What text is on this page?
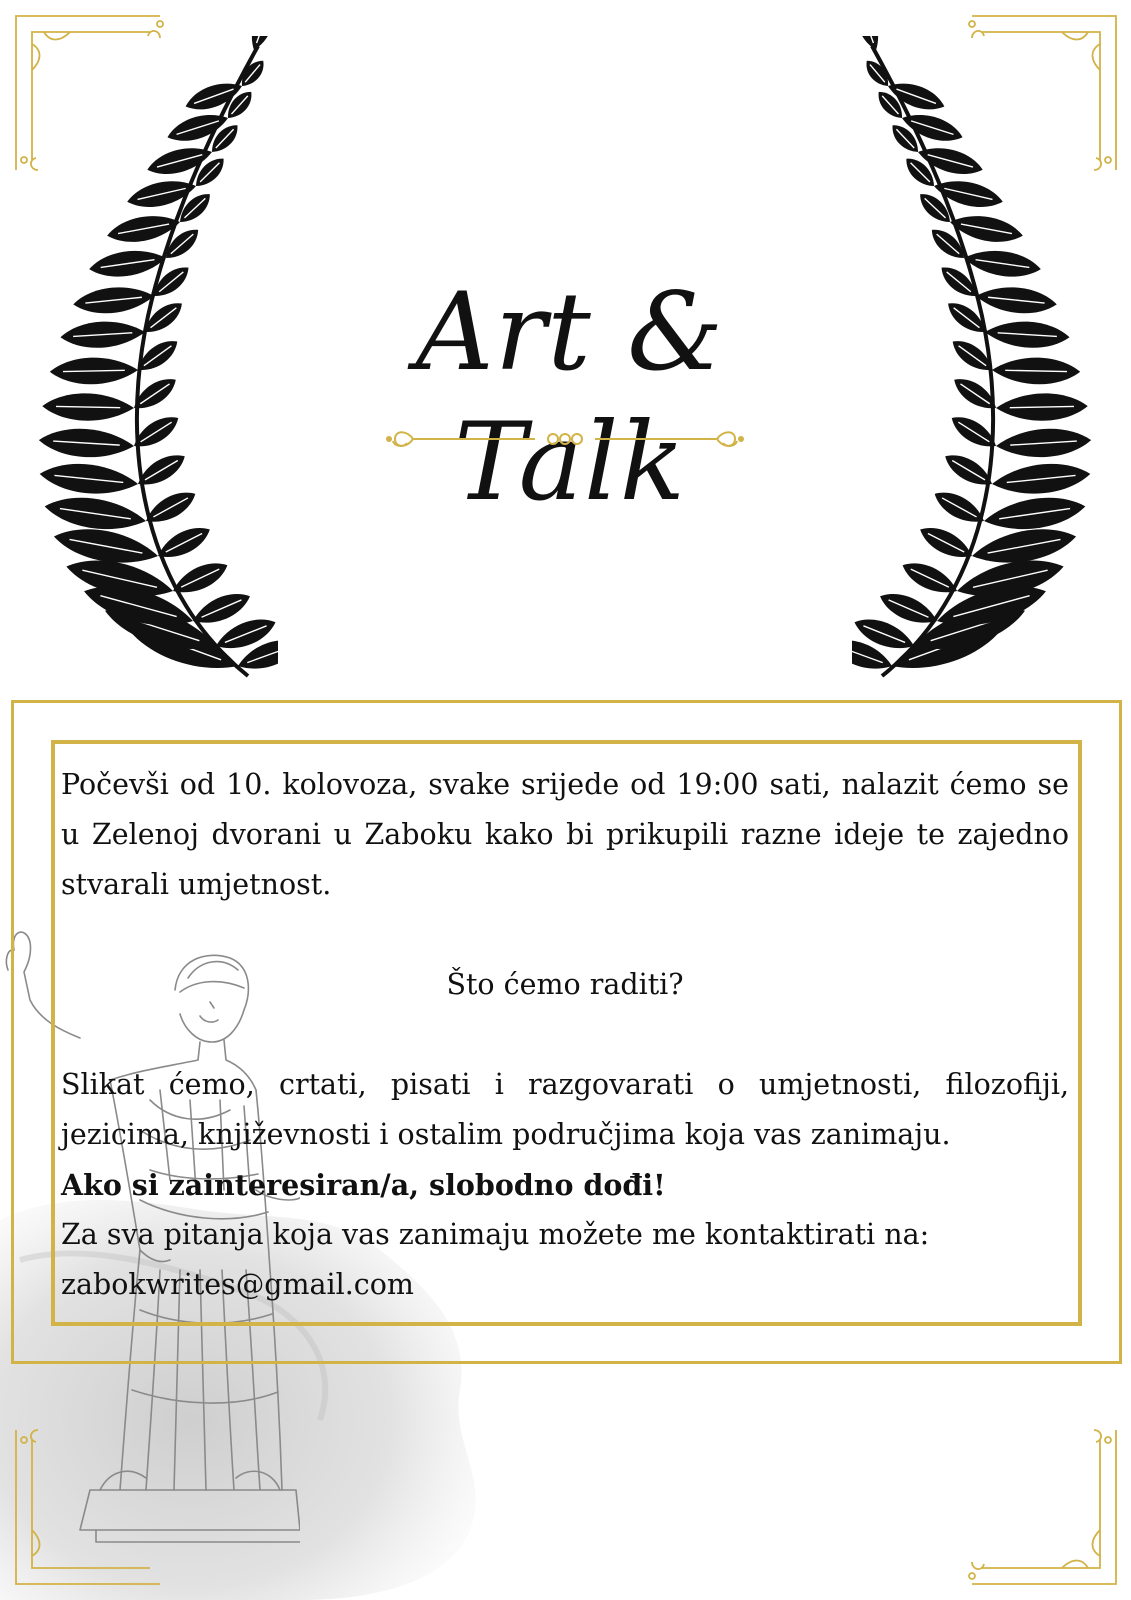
Art & Talk

Počevši od 10. kolovoza, svake srijede od 19:00 sati, nalazit ćemo se u Zelenoj dvorani u Zaboku kako bi prikupili razne ideje te zajedno stvarali umjetnost.

Što ćemo raditi?

Slikat ćemo, crtati, pisati i razgovarati o umjetnosti, filozofiji, jezicima, književnosti i ostalim područjima koja vas zanimaju.

Ako si zainteresiran/a, slobodno dođi!

Za sva pitanja koja vas zanimaju možete me kontaktirati na:

zabokwrites@gmail.com
